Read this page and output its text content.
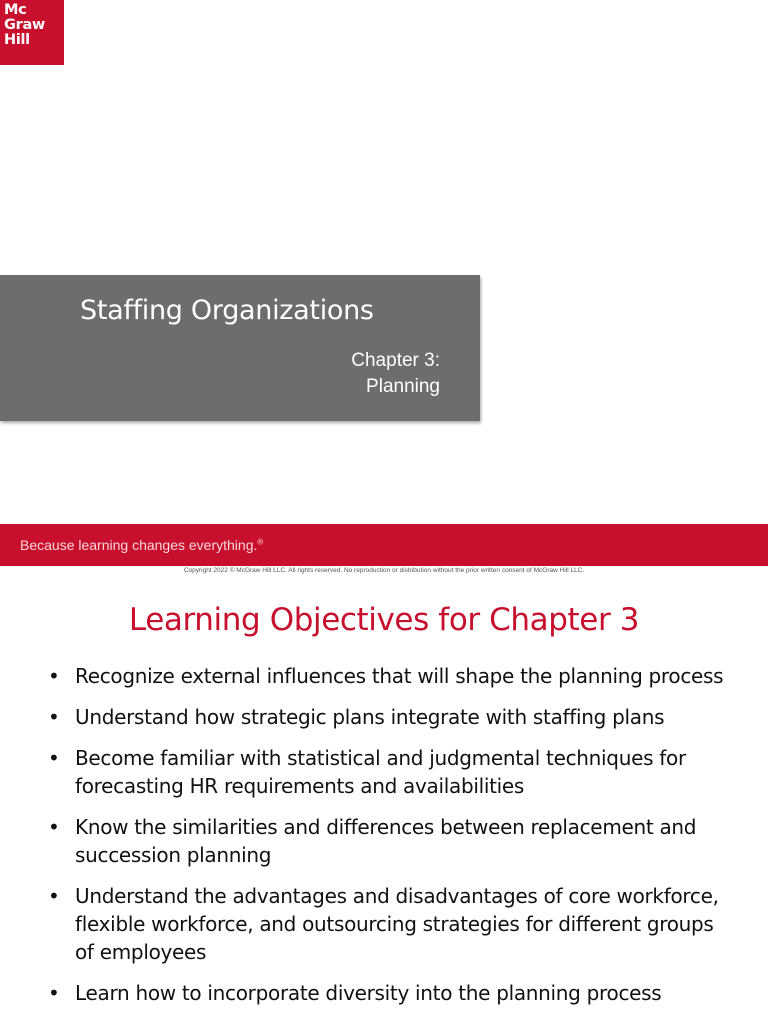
Mc
Graw
Hill
Staffing Organizations
Chapter 3:
Planning
Because learning changes everything.®
Copyright 2022 © McGraw Hill LLC. All rights reserved. No reproduction or distribution without the prior written consent of McGraw Hill LLC.
Learning Objectives for Chapter 3
• Recognize external influences that will shape the planning process
• Understand how strategic plans integrate with staffing plans
• Become familiar with statistical and judgmental techniques for forecasting HR requirements and availabilities
• Know the similarities and differences between replacement and succession planning
• Understand the advantages and disadvantages of core workforce, flexible workforce, and outsourcing strategies for different groups of employees
• Learn how to incorporate diversity into the planning process
